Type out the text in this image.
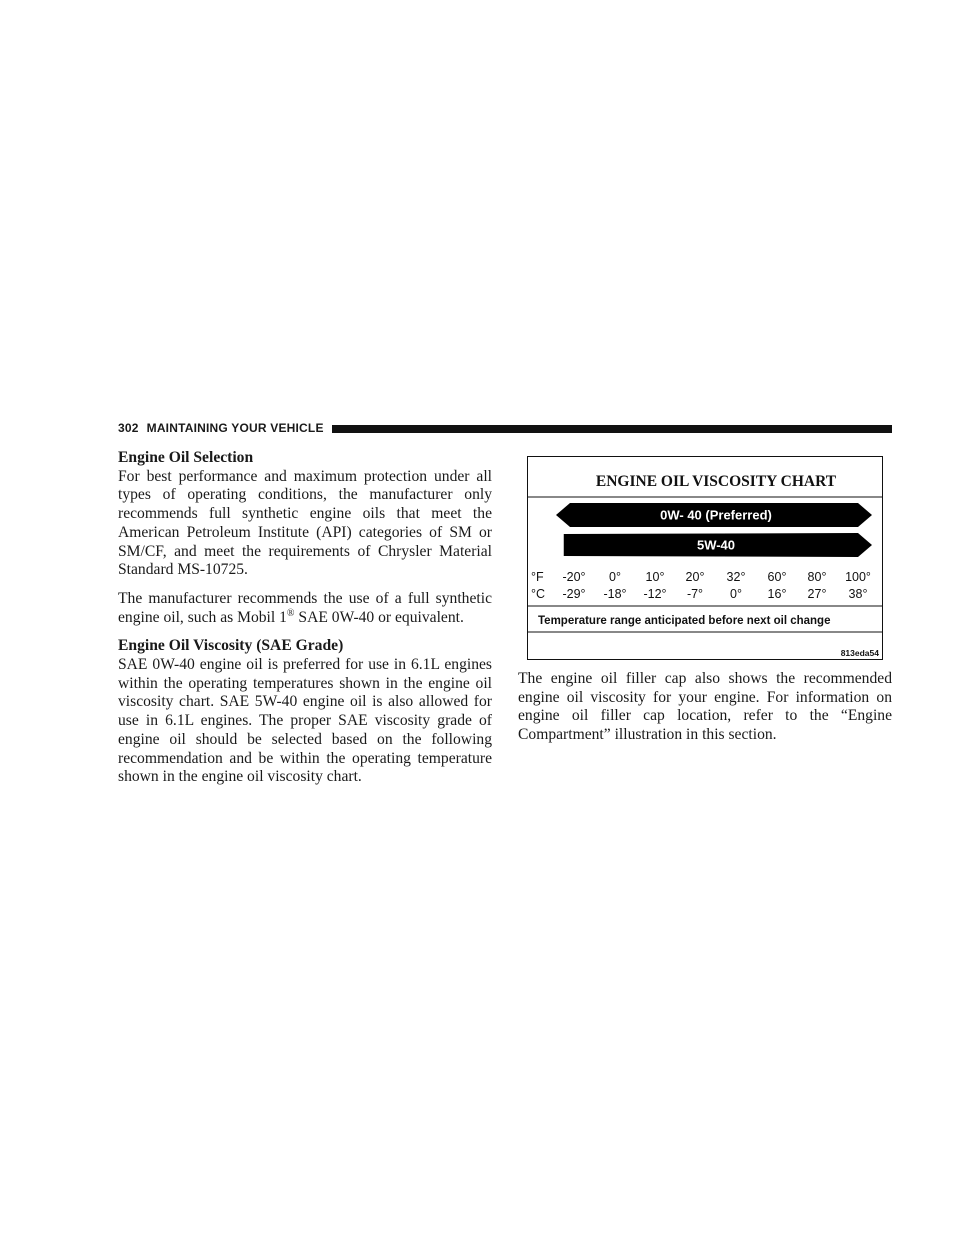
302 MAINTAINING YOUR VEHICLE
Engine Oil Selection

For best performance and maximum protection under all types of operating conditions, the manufacturer only recommends full synthetic engine oils that meet the American Petroleum Institute (API) categories of SM or SM/CF, and meet the requirements of Chrysler Material Standard MS-10725.

The manufacturer recommends the use of a full synthetic engine oil, such as Mobil 1® SAE 0W-40 or equivalent.

Engine Oil Viscosity (SAE Grade)

SAE 0W-40 engine oil is preferred for use in 6.1L engines within the operating temperatures shown in the engine oil viscosity chart. SAE 5W-40 engine oil is also allowed for use in 6.1L engines. The proper SAE viscosity grade of engine oil should be selected based on the following recommendation and be within the operating temperature shown in the engine oil viscosity chart.

ENGINE OIL VISCOSITY CHART
0W- 40 (Preferred)
5W-40
°F
°C
-20° 0° 10° 20° 32° 60° 80° 100°
-29° -18° -12° -7° 0° 16° 27° 38°
Temperature range anticipated before next oil change
813eda54

The engine oil filler cap also shows the recommended engine oil viscosity for your engine. For information on engine oil filler cap location, refer to the “Engine Compartment” illustration in this section.
